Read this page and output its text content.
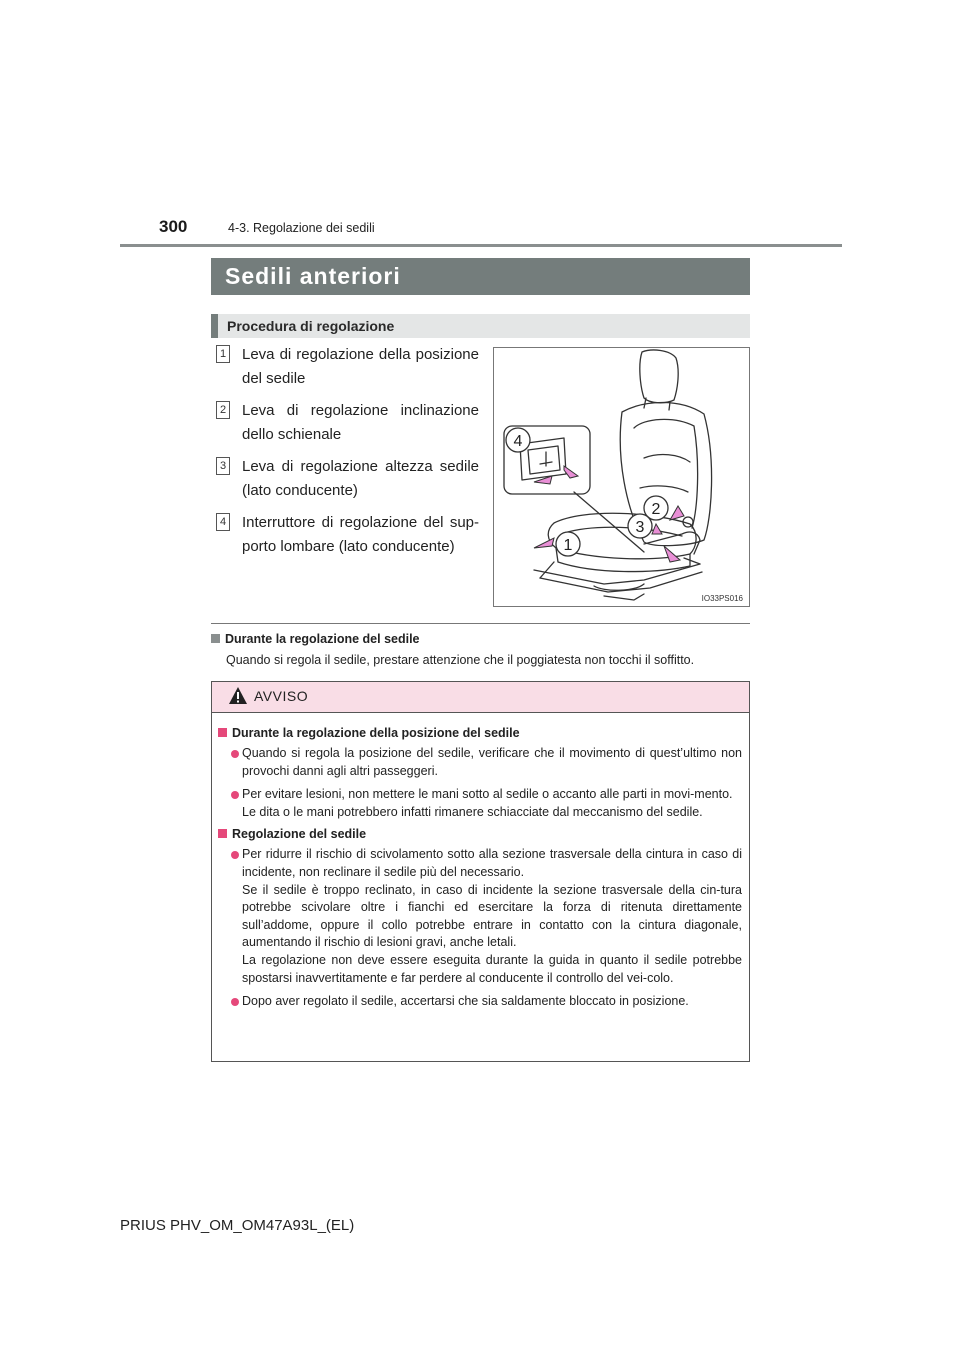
300	4-3. Regolazione dei sedili
Sedili anteriori
Procedura di regolazione
1 Leva di regolazione della posizione
del sedile
2 Leva di regolazione inclinazione
dello schienale
3 Leva di regolazione altezza sedile
(lato conducente)
4 Interruttore di regolazione del sup-
porto lombare (lato conducente)
4
2
3
1
IO33PS016
Durante la regolazione del sedile
Quando si regola il sedile, prestare attenzione che il poggiatesta non tocchi il soffitto.
AVVISO
Durante la regolazione della posizione del sedile
Quando si regola la posizione del sedile, verificare che il movimento di quest’ultimo non provochi danni agli altri passeggeri.
Per evitare lesioni, non mettere le mani sotto al sedile o accanto alle parti in movi-mento.
Le dita o le mani potrebbero infatti rimanere schiacciate dal meccanismo del sedile.
Regolazione del sedile
Per ridurre il rischio di scivolamento sotto alla sezione trasversale della cintura in caso di incidente, non reclinare il sedile più del necessario.
Se il sedile è troppo reclinato, in caso di incidente la sezione trasversale della cin-tura potrebbe scivolare oltre i fianchi ed esercitare la forza di ritenuta direttamente sull’addome, oppure il collo potrebbe entrare in contatto con la cintura diagonale, aumentando il rischio di lesioni gravi, anche letali.
La regolazione non deve essere eseguita durante la guida in quanto il sedile potrebbe spostarsi inavvertitamente e far perdere al conducente il controllo del vei-colo.
Dopo aver regolato il sedile, accertarsi che sia saldamente bloccato in posizione.
PRIUS PHV_OM_OM47A93L_(EL)
